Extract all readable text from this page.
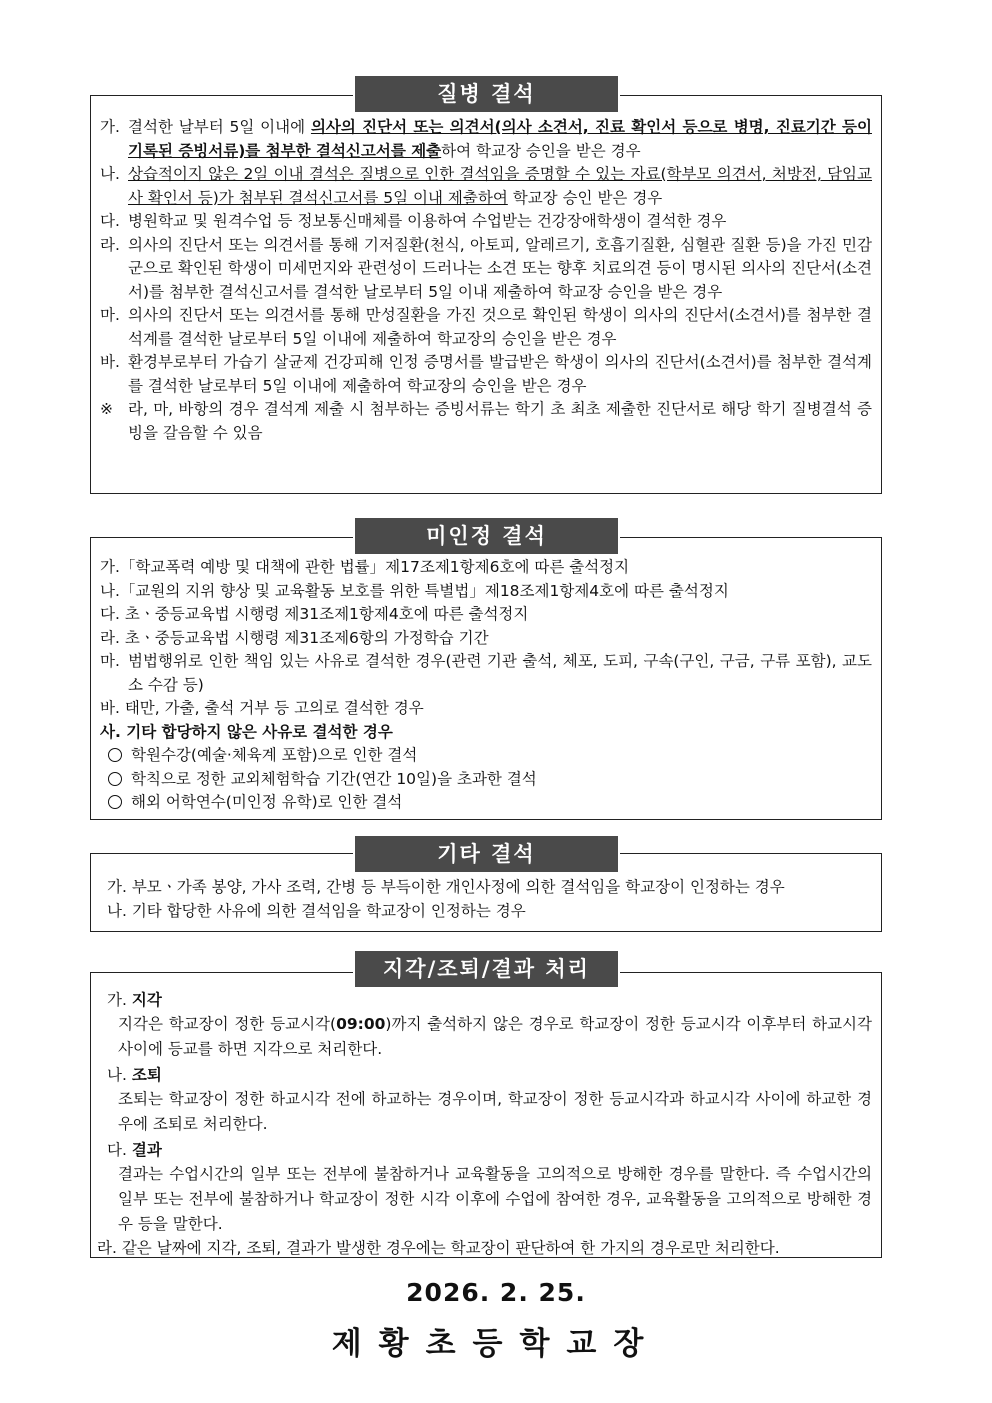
가. 결석한 날부터 5일 이내에 의사의 진단서 또는 의견서(의사 소견서, 진료 확인서 등으로 병명, 진료기간 등이 기록된 증빙서류)를 첨부한 결석신고서를 제출하여 학교장 승인을 받은 경우
나. 상습적이지 않은 2일 이내 결석은 질병으로 인한 결석임을 증명할 수 있는 자료(학부모 의견서, 처방전, 담임교사 확인서 등)가 첨부된 결석신고서를 5일 이내 제출하여 학교장 승인 받은 경우
다. 병원학교 및 원격수업 등 정보통신매체를 이용하여 수업받는 건강장애학생이 결석한 경우
라. 의사의 진단서 또는 의견서를 통해 기저질환(천식, 아토피, 알레르기, 호흡기질환, 심혈관 질환 등)을 가진 민감군으로 확인된 학생이 미세먼지와 관련성이 드러나는 소견 또는 향후 치료의견 등이 명시된 의사의 진단서(소견서)를 첨부한 결석신고서를 결석한 날로부터 5일 이내 제출하여 학교장 승인을 받은 경우
마. 의사의 진단서 또는 의견서를 통해 만성질환을 가진 것으로 확인된 학생이 의사의 진단서(소견서)를 첨부한 결석계를 결석한 날로부터 5일 이내에 제출하여 학교장의 승인을 받은 경우
바. 환경부로부터 가습기 살균제 건강피해 인정 증명서를 발급받은 학생이 의사의 진단서(소견서)를 첨부한 결석계를 결석한 날로부터 5일 이내에 제출하여 학교장의 승인을 받은 경우
※ 라, 마, 바항의 경우 결석계 제출 시 첨부하는 증빙서류는 학기 초 최초 제출한 진단서로 해당 학기 질병결석 증빙을 갈음할 수 있음
질병 결석
가.「학교폭력 예방 및 대책에 관한 법률」제17조제1항제6호에 따른 출석정지
나.「교원의 지위 향상 및 교육활동 보호를 위한 특별법」제18조제1항제4호에 따른 출석정지
다. 초ㆍ중등교육법 시행령 제31조제1항제4호에 따른 출석정지
라. 초ㆍ중등교육법 시행령 제31조제6항의 가정학습 기간
마. 범법행위로 인한 책임 있는 사유로 결석한 경우(관련 기관 출석, 체포, 도피, 구속(구인, 구금, 구류 포함), 교도소 수감 등)
바. 태만, 가출, 출석 거부 등 고의로 결석한 경우
사. 기타 합당하지 않은 사유로 결석한 경우
학원수강(예술·체육계 포함)으로 인한 결석
학칙으로 정한 교외체험학습 기간(연간 10일)을 초과한 결석
해외 어학연수(미인정 유학)로 인한 결석
미인정 결석
가. 부모ㆍ가족 봉양, 가사 조력, 간병 등 부득이한 개인사정에 의한 결석임을 학교장이 인정하는 경우
나. 기타 합당한 사유에 의한 결석임을 학교장이 인정하는 경우
기타 결석
가. 지각
지각은 학교장이 정한 등교시각(09:00)까지 출석하지 않은 경우로 학교장이 정한 등교시각 이후부터 하교시각 사이에 등교를 하면 지각으로 처리한다.
나. 조퇴
조퇴는 학교장이 정한 하교시각 전에 하교하는 경우이며, 학교장이 정한 등교시각과 하교시각 사이에 하교한 경우에 조퇴로 처리한다.
다. 결과
결과는 수업시간의 일부 또는 전부에 불참하거나 교육활동을 고의적으로 방해한 경우를 말한다. 즉 수업시간의 일부 또는 전부에 불참하거나 학교장이 정한 시각 이후에 수업에 참여한 경우, 교육활동을 고의적으로 방해한 경우 등을 말한다.
라. 같은 날짜에 지각, 조퇴, 결과가 발생한 경우에는 학교장이 판단하여 한 가지의 경우로만 처리한다.
지각/조퇴/결과 처리
2026. 2. 25.
제황초등학교장
